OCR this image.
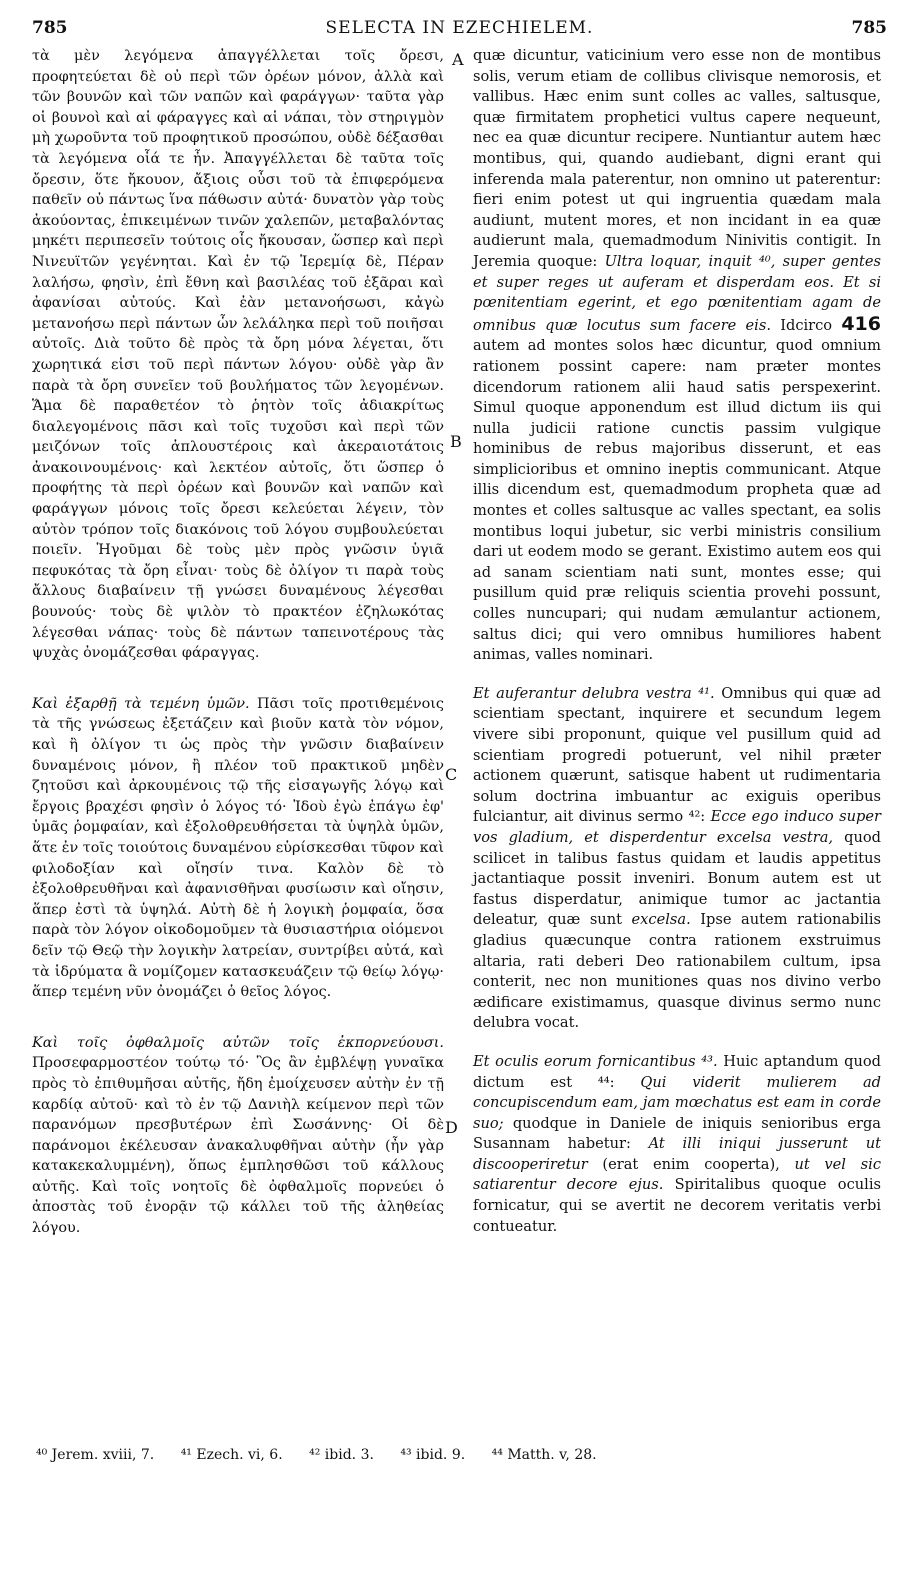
785	SELECTA IN EZECHIELEM.	785

τὰ μὲν λεγόμενα ἀπαγγέλλεται τοῖς ὄρεσι, προφητεύεται δὲ οὐ περὶ τῶν ὀρέων μόνον, ἀλλὰ καὶ τῶν βουνῶν καὶ τῶν ναπῶν καὶ φαράγγων· ταῦτα γὰρ οἱ βουνοὶ καὶ αἱ φάραγγες καὶ αἱ νάπαι, τὸν στηριγμὸν μὴ χωροῦντα τοῦ προφητικοῦ προσώπου, οὐδὲ δέξασθαι τὰ λεγόμενα οἷά τε ἦν. Ἀπαγγέλλεται δὲ ταῦτα τοῖς ὄρεσιν, ὅτε ἤκουον, ἄξιοις οὖσι τοῦ τὰ ἐπιφερόμενα παθεῖν οὐ πάντως ἵνα πάθωσιν αὐτά· δυνατὸν γὰρ τοὺς ἀκούοντας, ἐπικειμένων τινῶν χαλεπῶν, μεταβαλόντας μηκέτι περιπεσεῖν τούτοις οἷς ἤκουσαν, ὥσπερ καὶ περὶ Νινευϊτῶν γεγένηται. Καὶ ἐν τῷ Ἱερεμίᾳ δὲ, Πέραν λαλήσω, φησὶν, ἐπὶ ἔθνη καὶ βασιλέας τοῦ ἐξᾶραι καὶ ἀφανίσαι αὐτούς. Καὶ ἐὰν μετανοήσωσι, κἀγὼ μετανοήσω περὶ πάντων ὧν λελάληκα περὶ τοῦ ποιῆσαι αὐτοῖς. Διὰ τοῦτο δὲ πρὸς τὰ ὄρη μόνα λέγεται, ὅτι χωρητικά εἰσι τοῦ περὶ πάντων λόγου· οὐδὲ γὰρ ἂν παρὰ τὰ ὄρη συνεῖεν τοῦ βουλήματος τῶν λεγομένων. Ἅμα δὲ παραθετέον τὸ ῥητὸν τοῖς ἀδιακρίτως διαλεγομένοις πᾶσι καὶ τοῖς τυχοῦσι καὶ περὶ τῶν μειζόνων τοῖς ἁπλουστέροις καὶ ἀκεραιοτάτοις ἀνακοινουμένοις· καὶ λεκτέον αὐτοῖς, ὅτι ὥσπερ ὁ προφήτης τὰ περὶ ὀρέων καὶ βουνῶν καὶ ναπῶν καὶ φαράγγων μόνοις τοῖς ὄρεσι κελεύεται λέγειν, τὸν αὐτὸν τρόπον τοῖς διακόνοις τοῦ λόγου συμβουλεύεται ποιεῖν. Ἡγοῦμαι δὲ τοὺς μὲν πρὸς γνῶσιν ὑγιᾶ πεφυκότας τὰ ὄρη εἶναι· τοὺς δὲ ὀλίγον τι παρὰ τοὺς ἄλλους διαβαίνειν τῇ γνώσει δυναμένους λέγεσθαι βουνούς· τοὺς δὲ ψιλὸν τὸ πρακτέον ἐζηλωκότας λέγεσθαι νάπας· τοὺς δὲ πάντων ταπεινοτέρους τὰς ψυχὰς ὀνομάζεσθαι φάραγγας.

Καὶ ἐξαρθῇ τὰ τεμένη ὑμῶν. Πᾶσι τοῖς προτιθεμένοις τὰ τῆς γνώσεως ἐξετάζειν καὶ βιοῦν κατὰ τὸν νόμον, καὶ ἢ ὀλίγον τι ὡς πρὸς τὴν γνῶσιν διαβαίνειν δυναμένοις μόνον, ἢ πλέον τοῦ πρακτικοῦ μηδὲν ζητοῦσι καὶ ἀρκουμένοις τῷ τῆς εἰσαγωγῆς λόγῳ καὶ ἔργοις βραχέσι φησὶν ὁ λόγος τό· Ἰδοὺ ἐγὼ ἐπάγω ἐφ' ὑμᾶς ῥομφαίαν, καὶ ἐξολοθρευθήσεται τὰ ὑψηλὰ ὑμῶν, ἅτε ἐν τοῖς τοιούτοις δυναμένου εὑρίσκεσθαι τῦφον καὶ φιλοδοξίαν καὶ οἴησίν τινα. Καλὸν δὲ τὸ ἐξολοθρευθῆναι καὶ ἀφανισθῆναι φυσίωσιν καὶ οἴησιν, ἅπερ ἐστὶ τὰ ὑψηλά. Αὐτὴ δὲ ἡ λογικὴ ῥομφαία, ὅσα παρὰ τὸν λόγον οἰκοδομοῦμεν τὰ θυσιαστήρια οἰόμενοι δεῖν τῷ Θεῷ τὴν λογικὴν λατρείαν, συντρίβει αὐτά, καὶ τὰ ἱδρύματα ἃ νομίζομεν κατασκευάζειν τῷ θείῳ λόγῳ· ἅπερ τεμένη νῦν ὀνομάζει ὁ θεῖος λόγος.

Καὶ τοῖς ὀφθαλμοῖς αὐτῶν τοῖς ἐκπορνεύουσι. Προσεφαρμοστέον τούτῳ τό· Ὃς ἂν ἐμβλέψῃ γυναῖκα πρὸς τὸ ἐπιθυμῆσαι αὐτῆς, ἤδη ἐμοίχευσεν αὐτὴν ἐν τῇ καρδίᾳ αὐτοῦ· καὶ τὸ ἐν τῷ Δανιὴλ κείμενον περὶ τῶν παρανόμων πρεσβυτέρων ἐπὶ Σωσάννης· Οἱ δὲ παράνομοι ἐκέλευσαν ἀνακαλυφθῆναι αὐτὴν (ἦν γὰρ κατακεκαλυμμένη), ὅπως ἐμπλησθῶσι τοῦ κάλλους αὐτῆς. Καὶ τοῖς νοητοῖς δὲ ὀφθαλμοῖς πορνεύει ὁ ἀποστὰς τοῦ ἐνορᾷν τῷ κάλλει τοῦ τῆς ἀληθείας λόγου.

A
B
C
D

quæ dicuntur, vaticinium vero esse non de montibus solis, verum etiam de collibus clivisque nemorosis, et vallibus. Hæc enim sunt colles ac valles, saltusque, quæ firmitatem prophetici vultus capere nequeunt, nec ea quæ dicuntur recipere. Nuntiantur autem hæc montibus, qui, quando audiebant, digni erant qui inferenda mala paterentur, non omnino ut paterentur: fieri enim potest ut qui ingruentia quædam mala audiunt, mutent mores, et non incidant in ea quæ audierunt mala, quemadmodum Ninivitis contigit. In Jeremia quoque: Ultra loquar, inquit ⁴⁰, super gentes et super reges ut auferam et disperdam eos. Et si pœnitentiam egerint, et ego pœnitentiam agam de omnibus quæ locutus sum facere eis. Idcirco 416 autem ad montes solos hæc dicuntur, quod omnium rationem possint capere: nam præter montes dicendorum rationem alii haud satis perspexerint. Simul quoque apponendum est illud dictum iis qui nulla judicii ratione cunctis passim vulgique hominibus de rebus majoribus disserunt, et eas simplicioribus et omnino ineptis communicant. Atque illis dicendum est, quemadmodum propheta quæ ad montes et colles saltusque ac valles spectant, ea solis montibus loqui jubetur, sic verbi ministris consilium dari ut eodem modo se gerant. Existimo autem eos qui ad sanam scientiam nati sunt, montes esse; qui pusillum quid præ reliquis scientia provehi possunt, colles nuncupari; qui nudam æmulantur actionem, saltus dici; qui vero omnibus humiliores habent animas, valles nominari.

Et auferantur delubra vestra ⁴¹. Omnibus qui quæ ad scientiam spectant, inquirere et secundum legem vivere sibi proponunt, quique vel pusillum quid ad scientiam progredi potuerunt, vel nihil præter actionem quærunt, satisque habent ut rudimentaria solum doctrina imbuantur ac exiguis operibus fulciantur, ait divinus sermo ⁴²: Ecce ego induco super vos gladium, et disperdentur excelsa vestra, quod scilicet in talibus fastus quidam et laudis appetitus jactantiaque possit inveniri. Bonum autem est ut fastus disperdatur, animique tumor ac jactantia deleatur, quæ sunt excelsa. Ipse autem rationabilis gladius quæcunque contra rationem exstruimus altaria, rati deberi Deo rationabilem cultum, ipsa conterit, nec non munitiones quas nos divino verbo ædificare existimamus, quasque divinus sermo nunc delubra vocat.

Et oculis eorum fornicantibus ⁴³. Huic aptandum quod dictum est ⁴⁴: Qui viderit mulierem ad concupiscendum eam, jam mœchatus est eam in corde suo; quodque in Daniele de iniquis senioribus erga Susannam habetur: At illi iniqui jusserunt ut discooperiretur (erat enim cooperta), ut vel sic satiarentur decore ejus. Spiritalibus quoque oculis fornicatur, qui se avertit ne decorem veritatis verbi contueatur.

⁴⁰ Jerem. xviii, 7. ⁴¹ Ezech. vi, 6. ⁴² ibid. 3. ⁴³ ibid. 9. ⁴⁴ Matth. v, 28.
